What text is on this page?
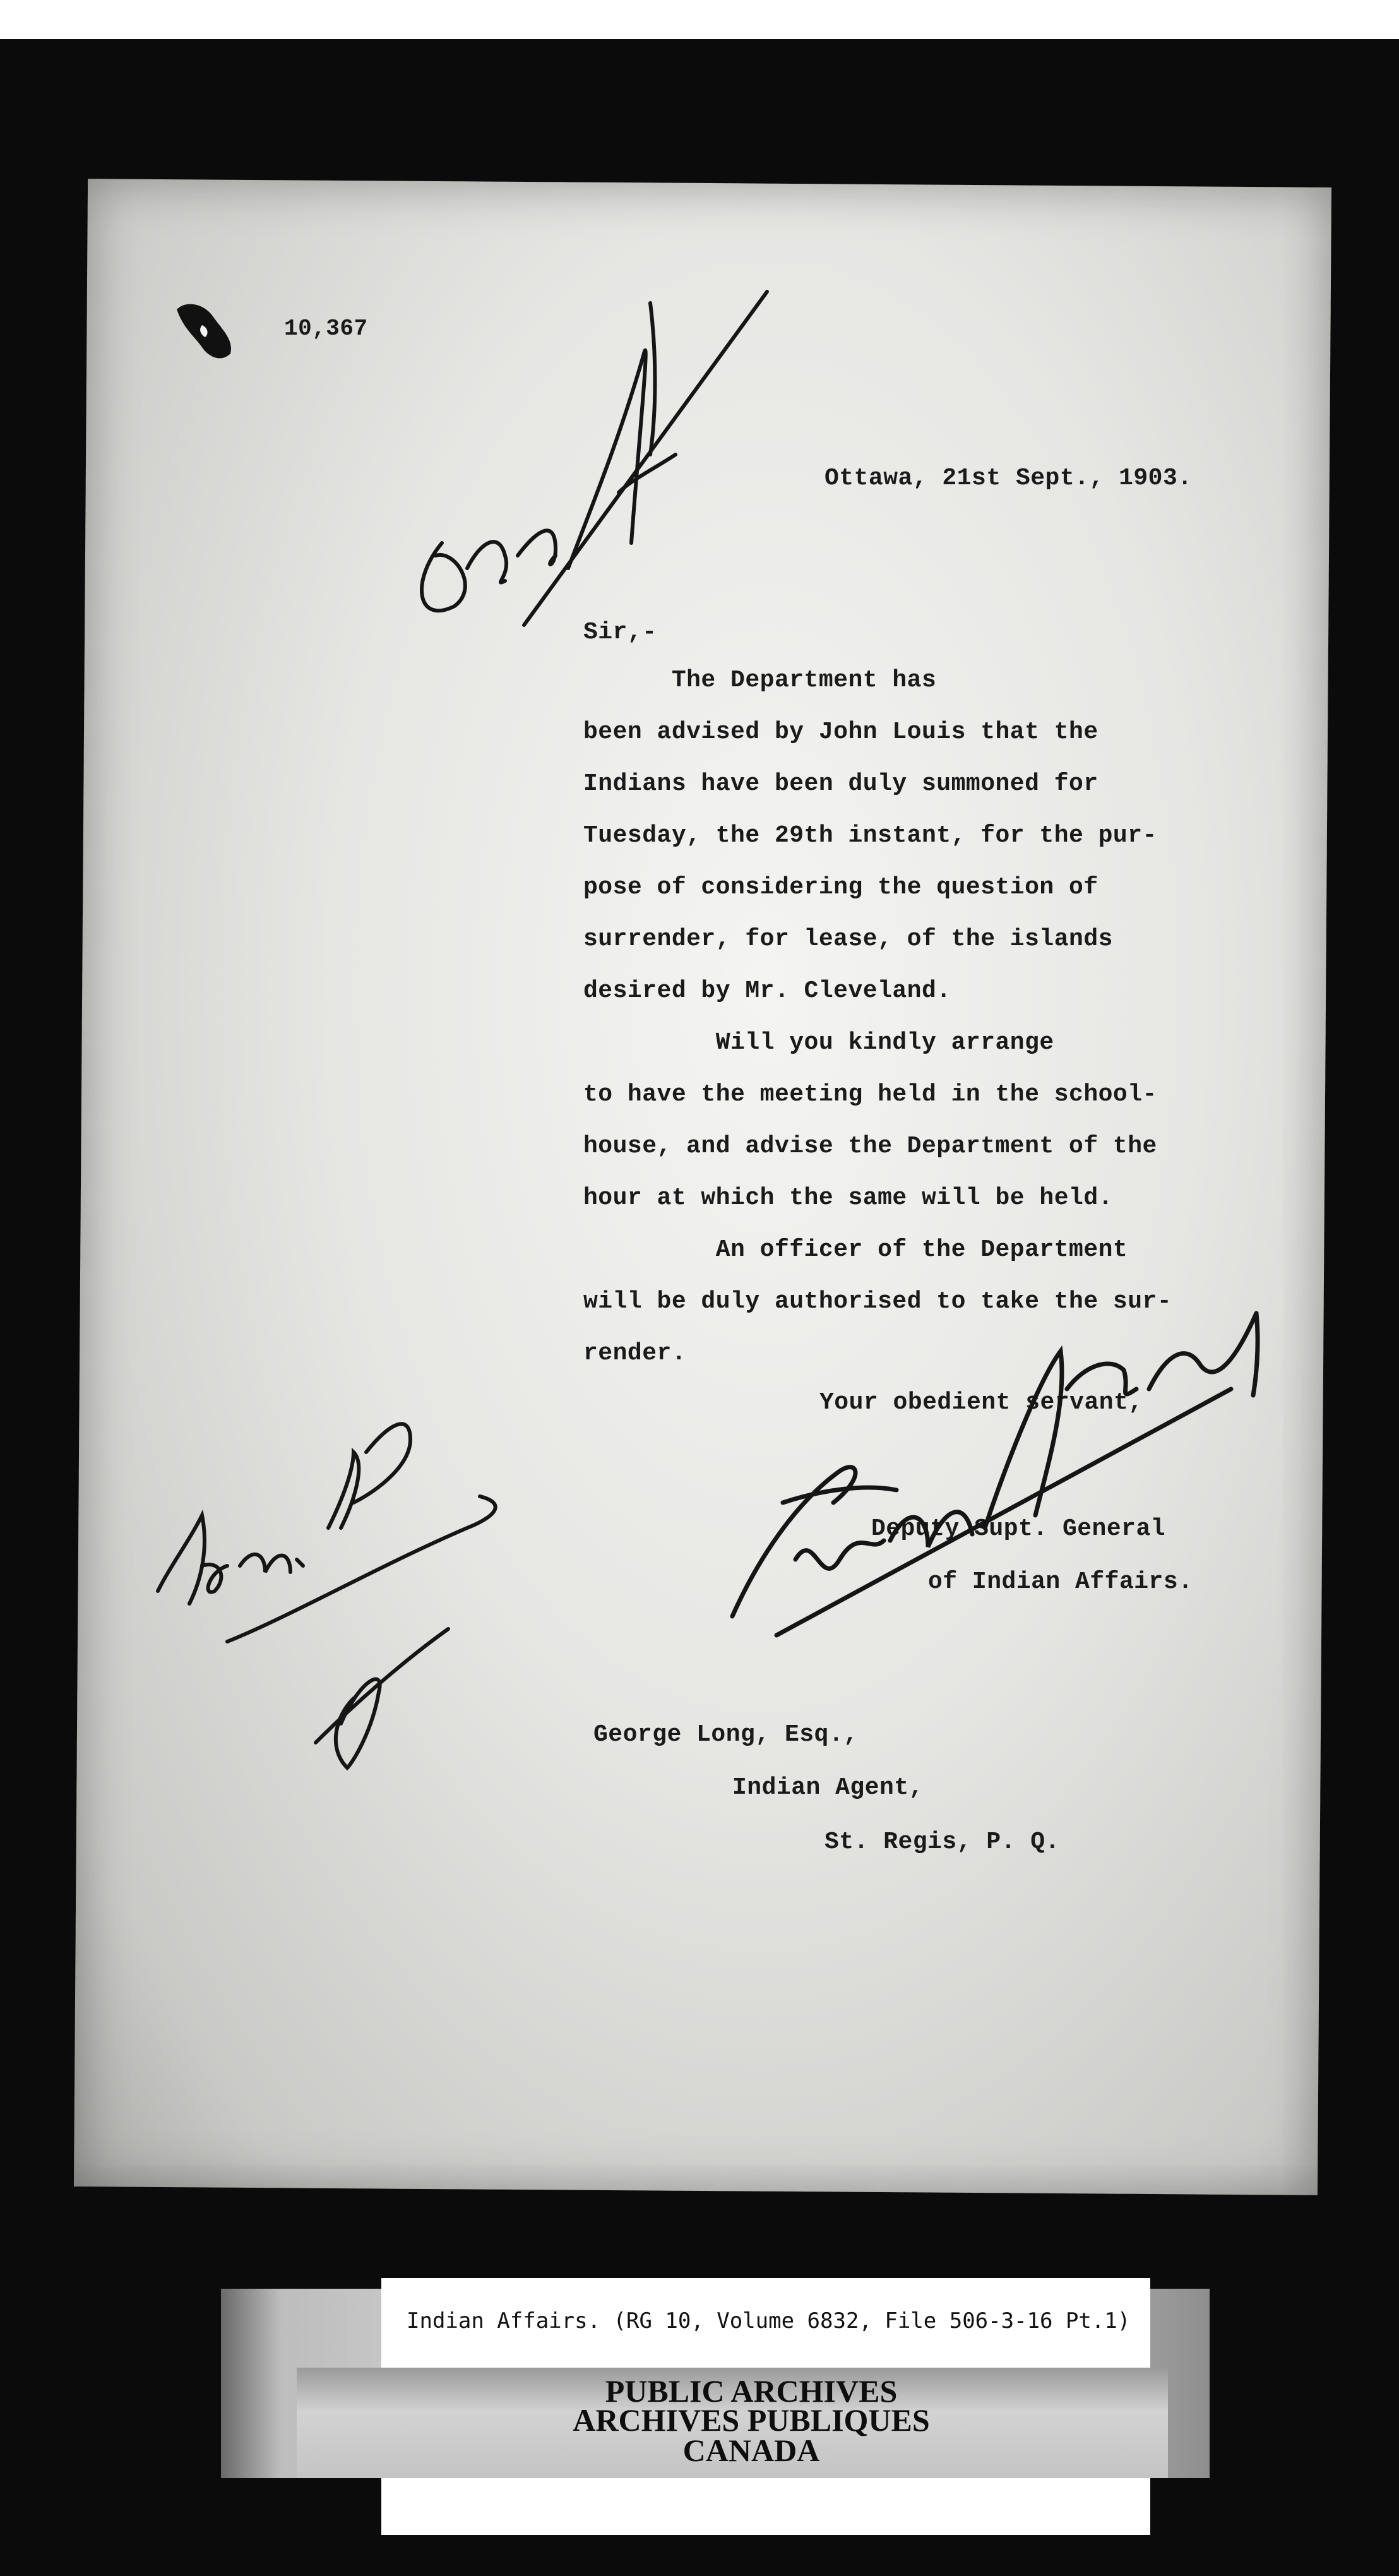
10,367
Ottawa, 21st Sept., 1903.
Sir,-
The Department has
been advised by John Louis that the
Indians have been duly summoned for
Tuesday, the 29th instant, for the pur-
pose of considering the question of
surrender, for lease, of the islands
desired by Mr. Cleveland.
Will you kindly arrange
to have the meeting held in the school-
house, and advise the Department of the
hour at which the same will be held.
An officer of the Department
will be duly authorised to take the sur-
render.
Your obedient servant,
Deputy Supt. General
of Indian Affairs.
George Long, Esq.,
Indian Agent,
St. Regis, P. Q.
Indian Affairs. (RG 10, Volume 6832, File 506-3-16 Pt.1)
PUBLIC ARCHIVES
ARCHIVES PUBLIQUES
CANADA
